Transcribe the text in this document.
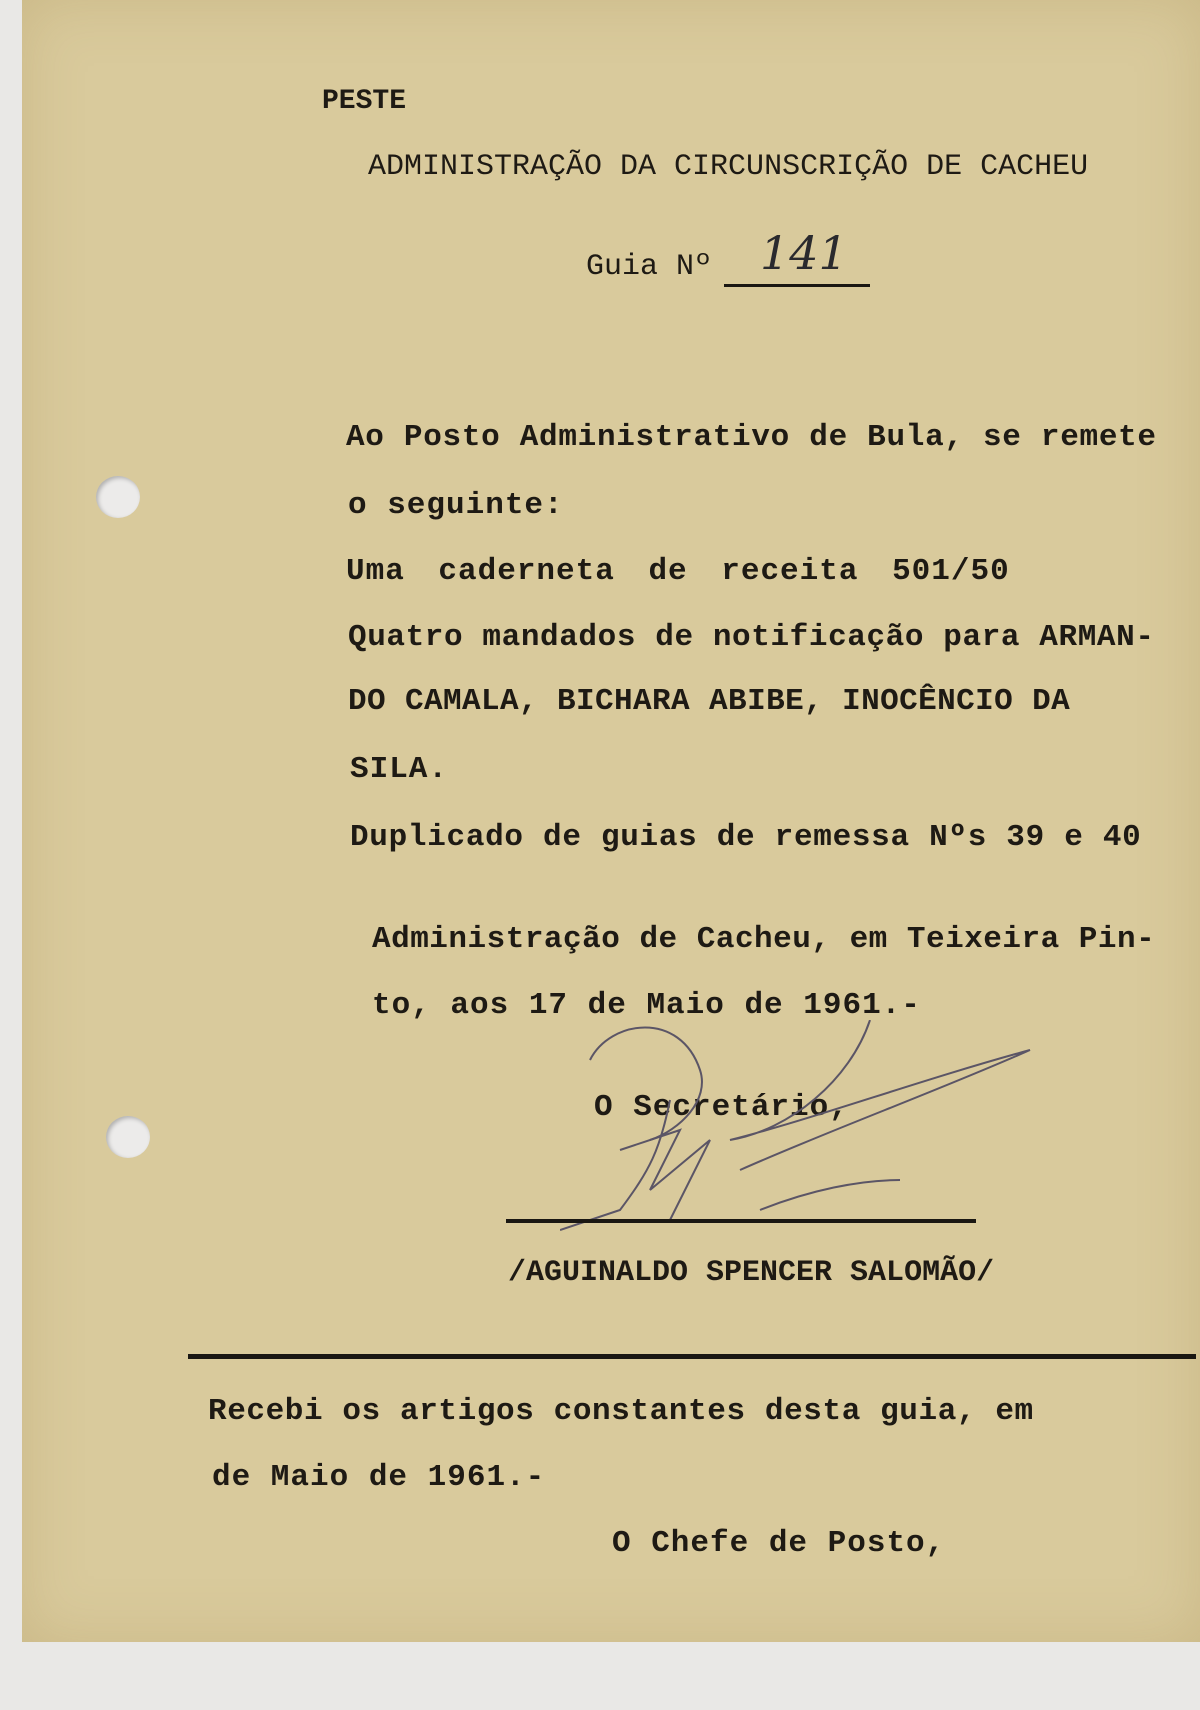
PESTE
ADMINISTRAÇÃO DA CIRCUNSCRIÇÃO DE CACHEU
Guia Nº 141
Ao Posto Administrativo de Bula, se remete
o seguinte:
Uma caderneta de receita 501/50
Quatro mandados de notificação para ARMAN-
DO CAMALA, BICHARA ABIBE, INOCÊNCIO DA
SILA.
Duplicado de guias de remessa Nºs 39 e 40
Administração de Cacheu, em Teixeira Pin-
to, aos 17 de Maio de 1961.-
O Secretário,
/AGUINALDO SPENCER SALOMÃO/
Recebi os artigos constantes desta guia, em
de Maio de 1961.-
O Chefe de Posto,
